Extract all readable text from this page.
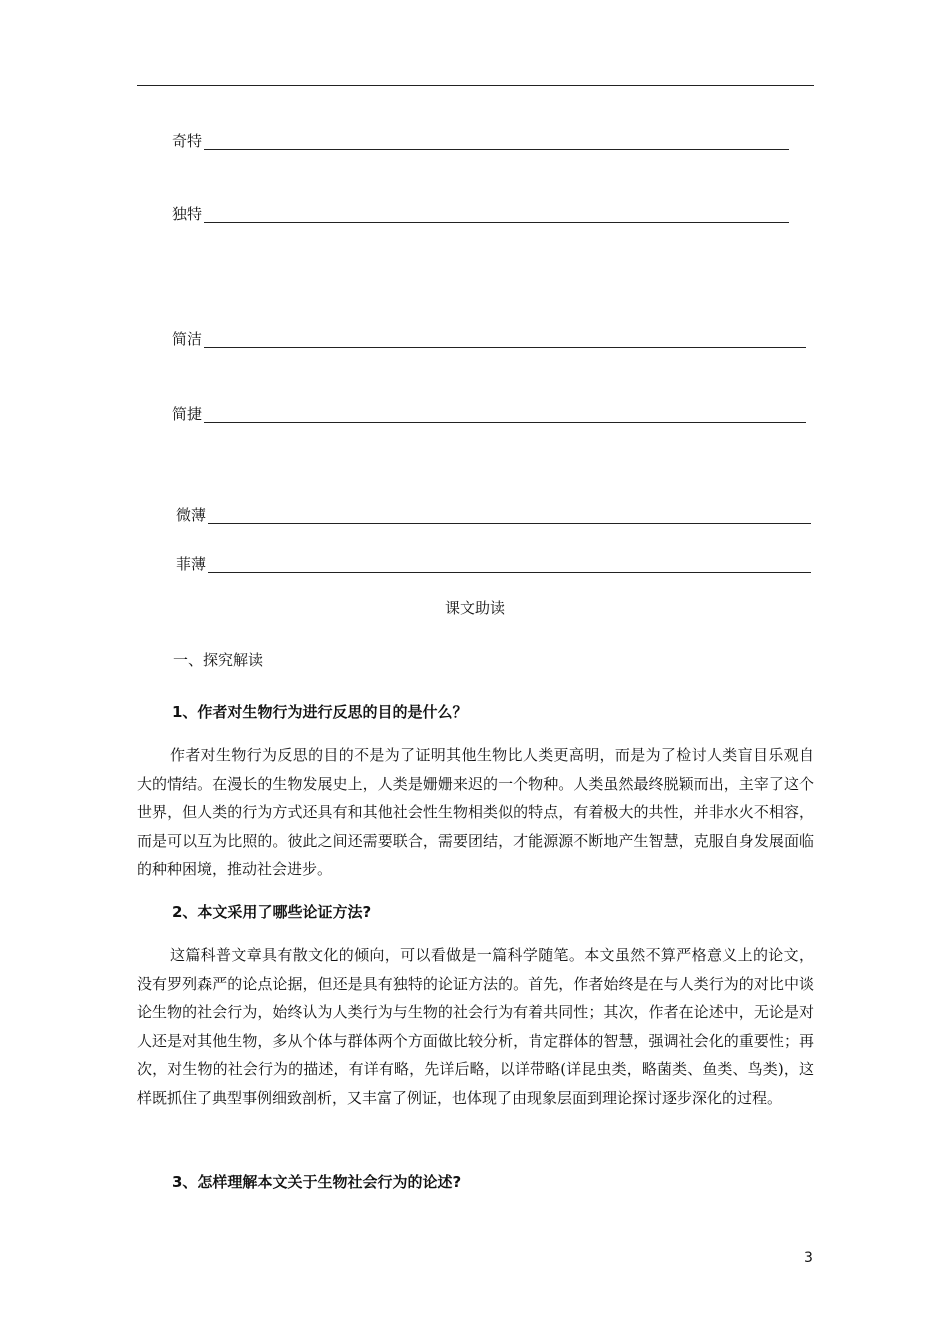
奇特
独特
简洁
简捷
微薄
菲薄
课文助读
一、探究解读
1、作者对生物行为进行反思的目的是什么？

作者对生物行为反思的目的不是为了证明其他生物比人类更高明，而是为了检讨人类盲目乐观自大的情结。在漫长的生物发展史上，人类是姗姗来迟的一个物种。人类虽然最终脱颖而出，主宰了这个世界，但人类的行为方式还具有和其他社会性生物相类似的特点，有着极大的共性，并非水火不相容，而是可以互为比照的。彼此之间还需要联合，需要团结，才能源源不断地产生智慧，克服自身发展面临的种种困境，推动社会进步。

2、本文采用了哪些论证方法?

这篇科普文章具有散文化的倾向，可以看做是一篇科学随笔。本文虽然不算严格意义上的论文，没有罗列森严的论点论据，但还是具有独特的论证方法的。首先，作者始终是在与人类行为的对比中谈论生物的社会行为，始终认为人类行为与生物的社会行为有着共同性；其次，作者在论述中，无论是对人还是对其他生物，多从个体与群体两个方面做比较分析，肯定群体的智慧，强调社会化的重要性；再次，对生物的社会行为的描述，有详有略，先详后略，以详带略(详昆虫类，略菌类、鱼类、鸟类)，这样既抓住了典型事例细致剖析，又丰富了例证，也体现了由现象层面到理论探讨逐步深化的过程。

3、怎样理解本文关于生物社会行为的论述?
3
